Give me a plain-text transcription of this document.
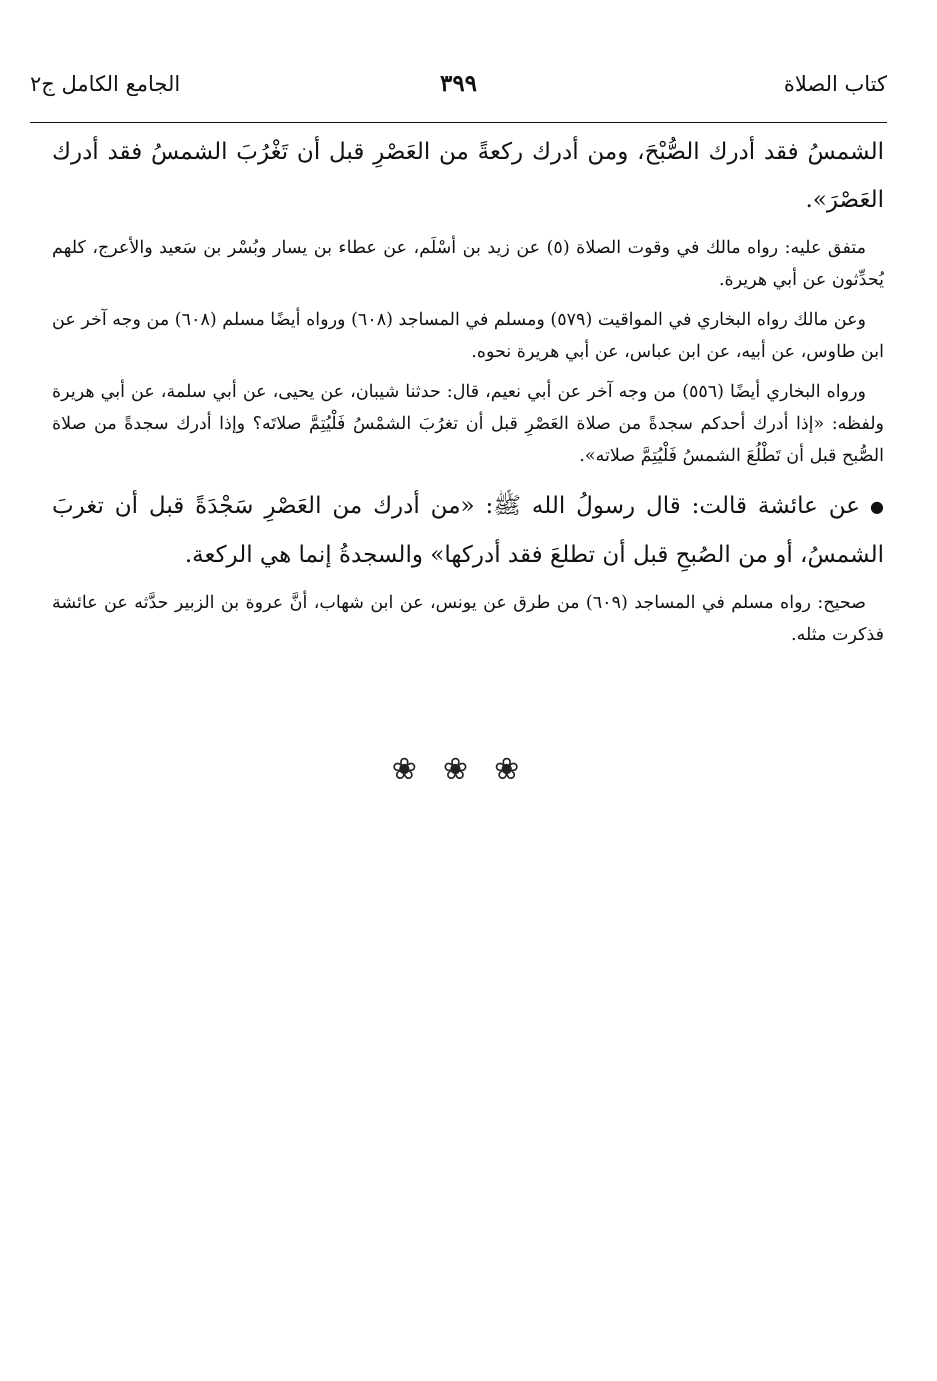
كتاب الصلاة
٣٩٩
الجامع الكامل ج٢

الشمسُ فقد أدرك الصُّبْحَ، ومن أدرك ركعةً من العَصْرِ قبل أن تَغْرُبَ الشمسُ فقد أدرك العَصْرَ».

متفق عليه: رواه مالك في وقوت الصلاة (٥) عن زيد بن أسْلَم، عن عطاء بن يسار وبُسْر بن سَعيد والأعرج، كلهم يُحدِّثون عن أبي هريرة.

وعن مالك رواه البخاري في المواقيت (٥٧٩) ومسلم في المساجد (٦٠٨) ورواه أيضًا مسلم (٦٠٨) من وجه آخر عن ابن طاوس، عن أبيه، عن ابن عباس، عن أبي هريرة نحوه.

ورواه البخاري أيضًا (٥٥٦) من وجه آخر عن أبي نعيم، قال: حدثنا شيبان، عن يحيى، عن أبي سلمة، عن أبي هريرة ولفظه: «إذا أدرك أحدكم سجدةً من صلاة العَصْرِ قبل أن تغرُبَ الشمْسُ فَلْيُتِمَّ صلاتَه؟ وإذا أدرك سجدةً من صلاة الصُّبح قبل أن تَطْلُعَ الشمسُ فَلْيُتِمَّ صلاته».

●عن عائشة قالت: قال رسولُ الله ﷺ: «من أدرك من العَصْرِ سَجْدَةً قبل أن تغربَ الشمسُ، أو من الصُبحِ قبل أن تطلعَ فقد أدركها» والسجدةُ إنما هي الركعة.

صحيح: رواه مسلم في المساجد (٦٠٩) من طرق عن يونس، عن ابن شهاب، أنَّ عروة بن الزبير حدَّثه عن عائشة فذكرت مثله.

❀❀❀
